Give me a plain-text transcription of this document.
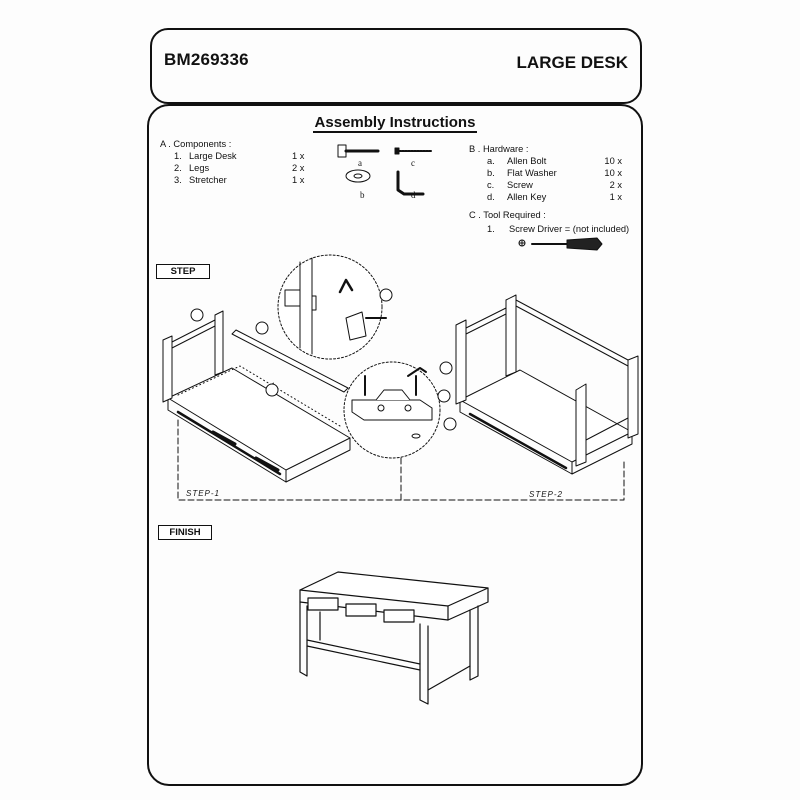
BM269336	LARGE DESK
Assembly Instructions
A . Components :
1. Large Desk	1 x
2. Legs	2 x
3. Stretcher	1 x
B . Hardware :
a.	Allen Bolt	10 x
b.	Flat Washer	10 x
c.	Screw	2 x
d.	Allen Key	1 x
C . Tool Required :
1.	Screw Driver = (not included)
a	c
b	d
STEP
FINISH
STEP-1	STEP-2
